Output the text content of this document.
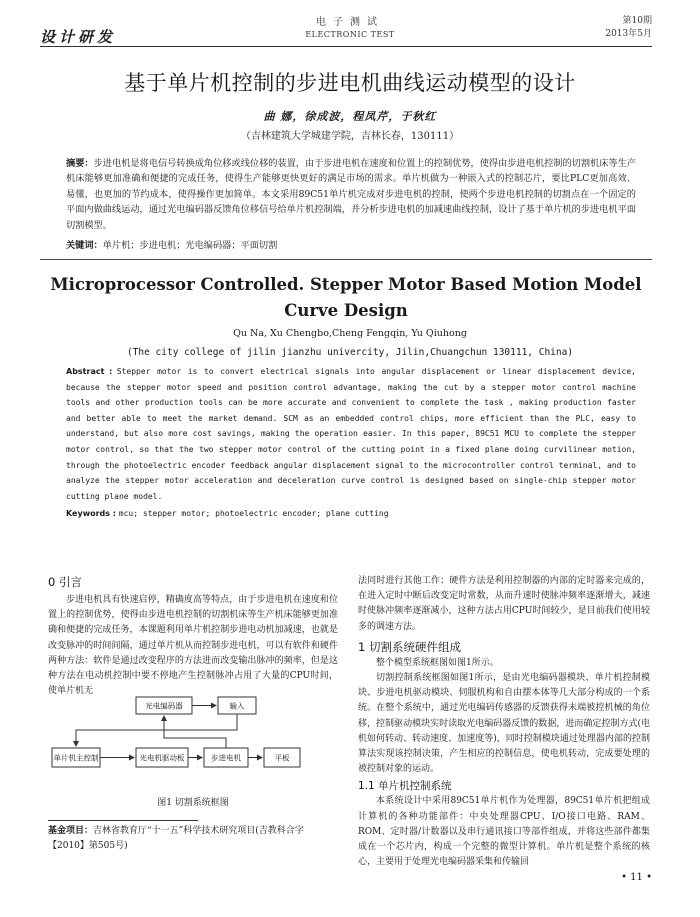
设计研发
电子测试
ELECTRONIC TEST
第10期
2013年5月
基于单片机控制的步进电机曲线运动模型的设计
曲 娜，徐成波，程凤芹，于秋红
（吉林建筑大学城建学院，吉林长春，130111）
摘要：步进电机是将电信号转换成角位移或线位移的装置，由于步进电机在速度和位置上的控制优势，使得由步进电机控制的切割机床等生产机床能够更加准确和便捷的完成任务，使得生产能够更快更好的满足市场的需求。单片机做为一种嵌入式的控制芯片，要比PLC更加高效、易懂，也更加的节约成本，使得操作更加简单。本文采用89C51单片机完成对步进电机的控制，使两个步进电机控制的切割点在一个固定的平面内做曲线运动，通过光电编码器反馈角位移信号给单片机控制端，并分析步进电机的加减速曲线控制，设计了基于单片机的步进电机平面切割模型。
关键词：单片机；步进电机；光电编码器；平面切割
Microprocessor Controlled. Stepper Motor Based Motion Model Curve Design
Qu Na, Xu Chengbo,Cheng Fengqin, Yu Qiuhong
(The city college of jilin jianzhu univercity, Jilin,Chuangchun 130111, China)
Abstract : Stepper motor is to convert electrical signals into angular displacement or linear displacement device, because the stepper motor speed and position control advantage, making the cut by a stepper motor control machine tools and other production tools can be more accurate and convenient to complete the task , making production faster and better able to meet the market demand. SCM as an embedded control chips, more efficient than the PLC, easy to understand, but also more cost savings, making the operation easier. In this paper, 89C51 MCU to complete the stepper motor control, so that the two stepper motor control of the cutting point in a fixed plane doing curvilinear motion, through the photoelectric encoder feedback angular displacement signal to the microcontroller control terminal, and to analyze the stepper motor acceleration and deceleration curve control is designed based on single-chip stepper motor cutting plane model.
Keywords : mcu; stepper motor; photoelectric encoder; plane cutting
0 引言

步进电机具有快速启停，精确度高等特点，由于步进电机在速度和位置上的控制优势，使得由步进电机控制的切割机床等生产机床能够更加准确和便捷的完成任务，本课题利用单片机控制步进电动机加减速，也就是改变脉冲的时间间隔，通过单片机从而控制步进电机，可以有软件和硬件两种方法：软件是通过改变程序的方法进而改变输出脉冲的频率，但是这种方法在电动机控制中要不停地产生控制脉冲占用了大量的CPU时间，使单片机无

光电编码器	输入
单片机主控制	光电机驱动板	步进电机	平板
图1 切割系统框图
基金项目：吉林省教育厅“十一五”科学技术研究项目(吉教科合字【2010】第505号)
法同时进行其他工作；硬件方法是利用控制器的内部的定时器来完成的，在进入定时中断后改变定时常数，从而升速时使脉冲频率逐渐增大，减速时使脉冲频率逐渐减小，这种方法占用CPU时间较少，是目前我们使用较多的调速方法。
1 切割系统硬件组成

整个模型系统框图如图1所示。

切割控制系统框图如图1所示，是由光电编码器模块、单片机控制模块、步进电机驱动模块、伺服机构和自由摆本体等几大部分构成的一个系统。在整个系统中，通过光电编码传感器的反馈获得末端被控机械的角位移，控制驱动模块实时读取光电编码器反馈的数据，进而确定控制方式(电机如何转动、转动速度、加速度等)，同时控制模块通过处理器内部的控制算法实现该控制决策，产生相应的控制信息，使电机转动，完成要处理的被控制对象的运动。

1.1 单片机控制系统

本系统设计中采用89C51单片机作为处理器，89C51单片机把组成计算机的各种功能部件：中央处理器CPU、I/O接口电路、RAM、ROM、定时器/计数器以及串行通讯接口等部件组成，并将这些部件都集成在一个芯片内，构成一个完整的微型计算机。单片机是整个系统的核心，主要用于处理光电编码器采集和传输回

• 11 •
